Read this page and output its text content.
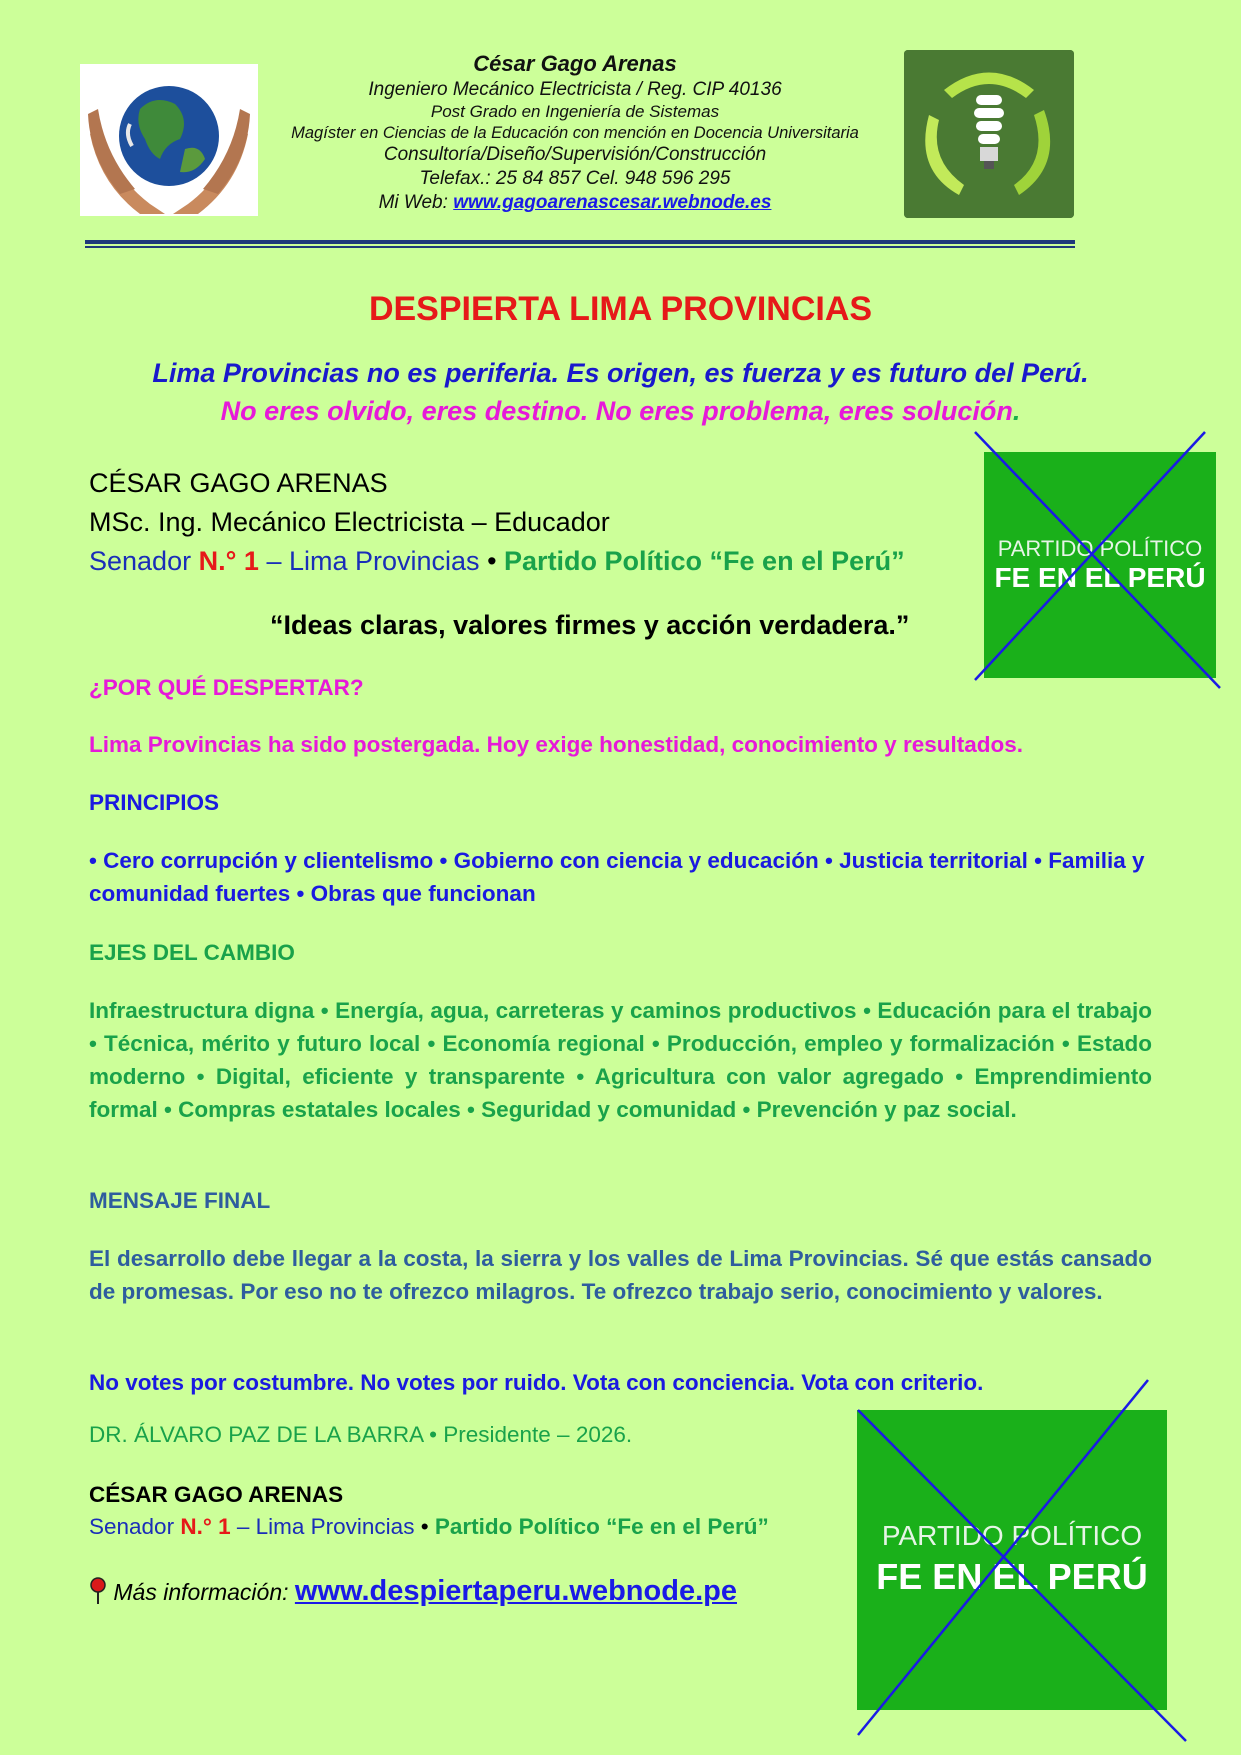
César Gago Arenas
Ingeniero Mecánico Electricista / Reg. CIP 40136
Post Grado en Ingeniería de Sistemas
Magíster en Ciencias de la Educación con mención en Docencia Universitaria
Consultoría/Diseño/Supervisión/Construcción
Telefax.: 25 84 857 Cel. 948 596 295
Mi Web: www.gagoarenascesar.webnode.es
DESPIERTA LIMA PROVINCIAS
Lima Provincias no es periferia. Es origen, es fuerza y es futuro del Perú.
No eres olvido, eres destino. No eres problema, eres solución.
CÉSAR GAGO ARENAS
MSc. Ing. Mecánico Electricista – Educador
Senador N.° 1 – Lima Provincias • Partido Político “Fe en el Perú”
“Ideas claras, valores firmes y acción verdadera.”
PARTIDO POLÍTICO
FE EN EL PERÚ
¿POR QUÉ DESPERTAR?
Lima Provincias ha sido postergada. Hoy exige honestidad, conocimiento y resultados.
PRINCIPIOS
• Cero corrupción y clientelismo • Gobierno con ciencia y educación • Justicia territorial • Familia y comunidad fuertes • Obras que funcionan
EJES DEL CAMBIO
Infraestructura digna • Energía, agua, carreteras y caminos productivos • Educación para el trabajo • Técnica, mérito y futuro local • Economía regional • Producción, empleo y formalización • Estado moderno • Digital, eficiente y transparente • Agricultura con valor agregado • Emprendimiento formal • Compras estatales locales • Seguridad y comunidad • Prevención y paz social.
MENSAJE FINAL
El desarrollo debe llegar a la costa, la sierra y los valles de Lima Provincias. Sé que estás cansado de promesas. Por eso no te ofrezco milagros. Te ofrezco trabajo serio, conocimiento y valores.
No votes por costumbre. No votes por ruido. Vota con conciencia. Vota con criterio.
DR. ÁLVARO PAZ DE LA BARRA • Presidente – 2026.
CÉSAR GAGO ARENAS
Senador N.° 1 – Lima Provincias • Partido Político “Fe en el Perú”
Más información: www.despiertaperu.webnode.pe
PARTIDO POLÍTICO
FE EN EL PERÚ
